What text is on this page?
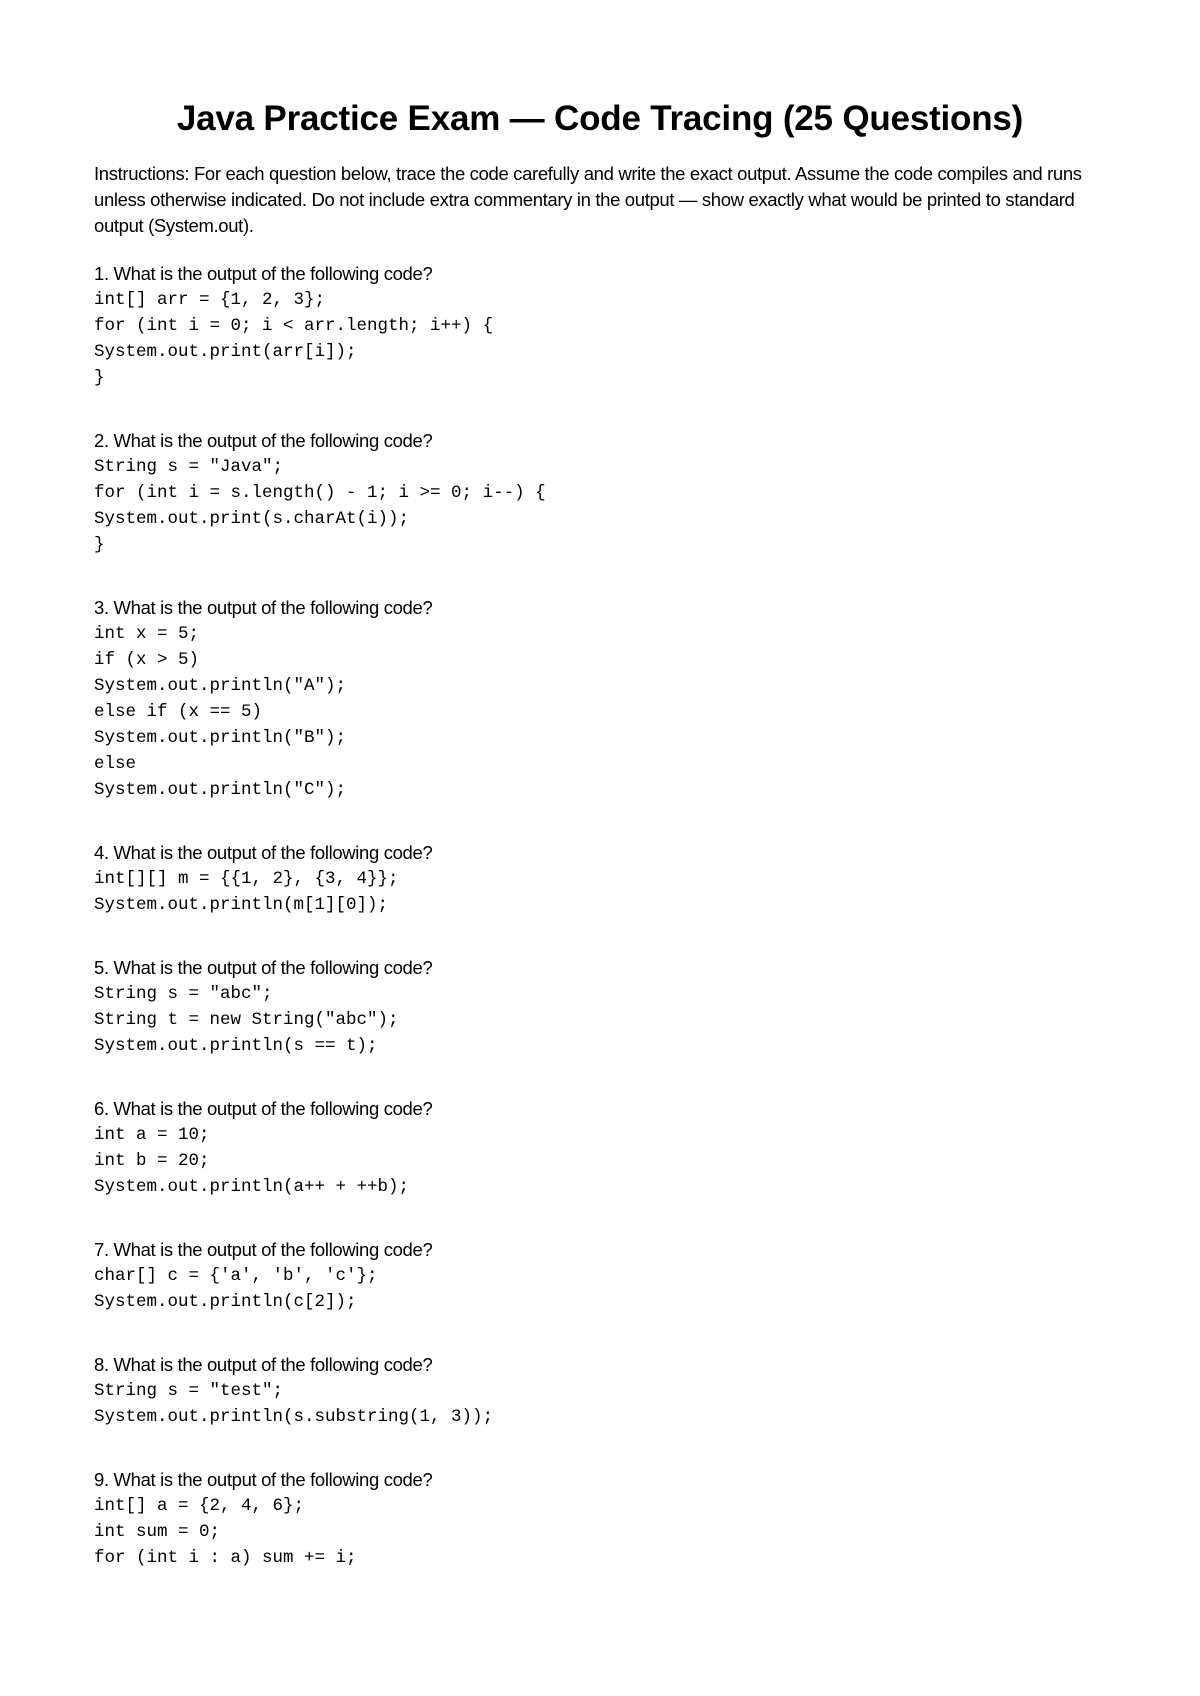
Java Practice Exam — Code Tracing (25 Questions)
Instructions: For each question below, trace the code carefully and write the exact output. Assume the code compiles and runs unless otherwise indicated. Do not include extra commentary in the output — show exactly what would be printed to standard output (System.out).
1. What is the output of the following code?
int[] arr = {1, 2, 3};
for (int i = 0; i < arr.length; i++) {
System.out.print(arr[i]);
}
2. What is the output of the following code?
String s = "Java";
for (int i = s.length() - 1; i >= 0; i--) {
System.out.print(s.charAt(i));
}
3. What is the output of the following code?
int x = 5;
if (x > 5)
System.out.println("A");
else if (x == 5)
System.out.println("B");
else
System.out.println("C");
4. What is the output of the following code?
int[][] m = {{1, 2}, {3, 4}};
System.out.println(m[1][0]);
5. What is the output of the following code?
String s = "abc";
String t = new String("abc");
System.out.println(s == t);
6. What is the output of the following code?
int a = 10;
int b = 20;
System.out.println(a++ + ++b);
7. What is the output of the following code?
char[] c = {'a', 'b', 'c'};
System.out.println(c[2]);
8. What is the output of the following code?
String s = "test";
System.out.println(s.substring(1, 3));
9. What is the output of the following code?
int[] a = {2, 4, 6};
int sum = 0;
for (int i : a) sum += i;
